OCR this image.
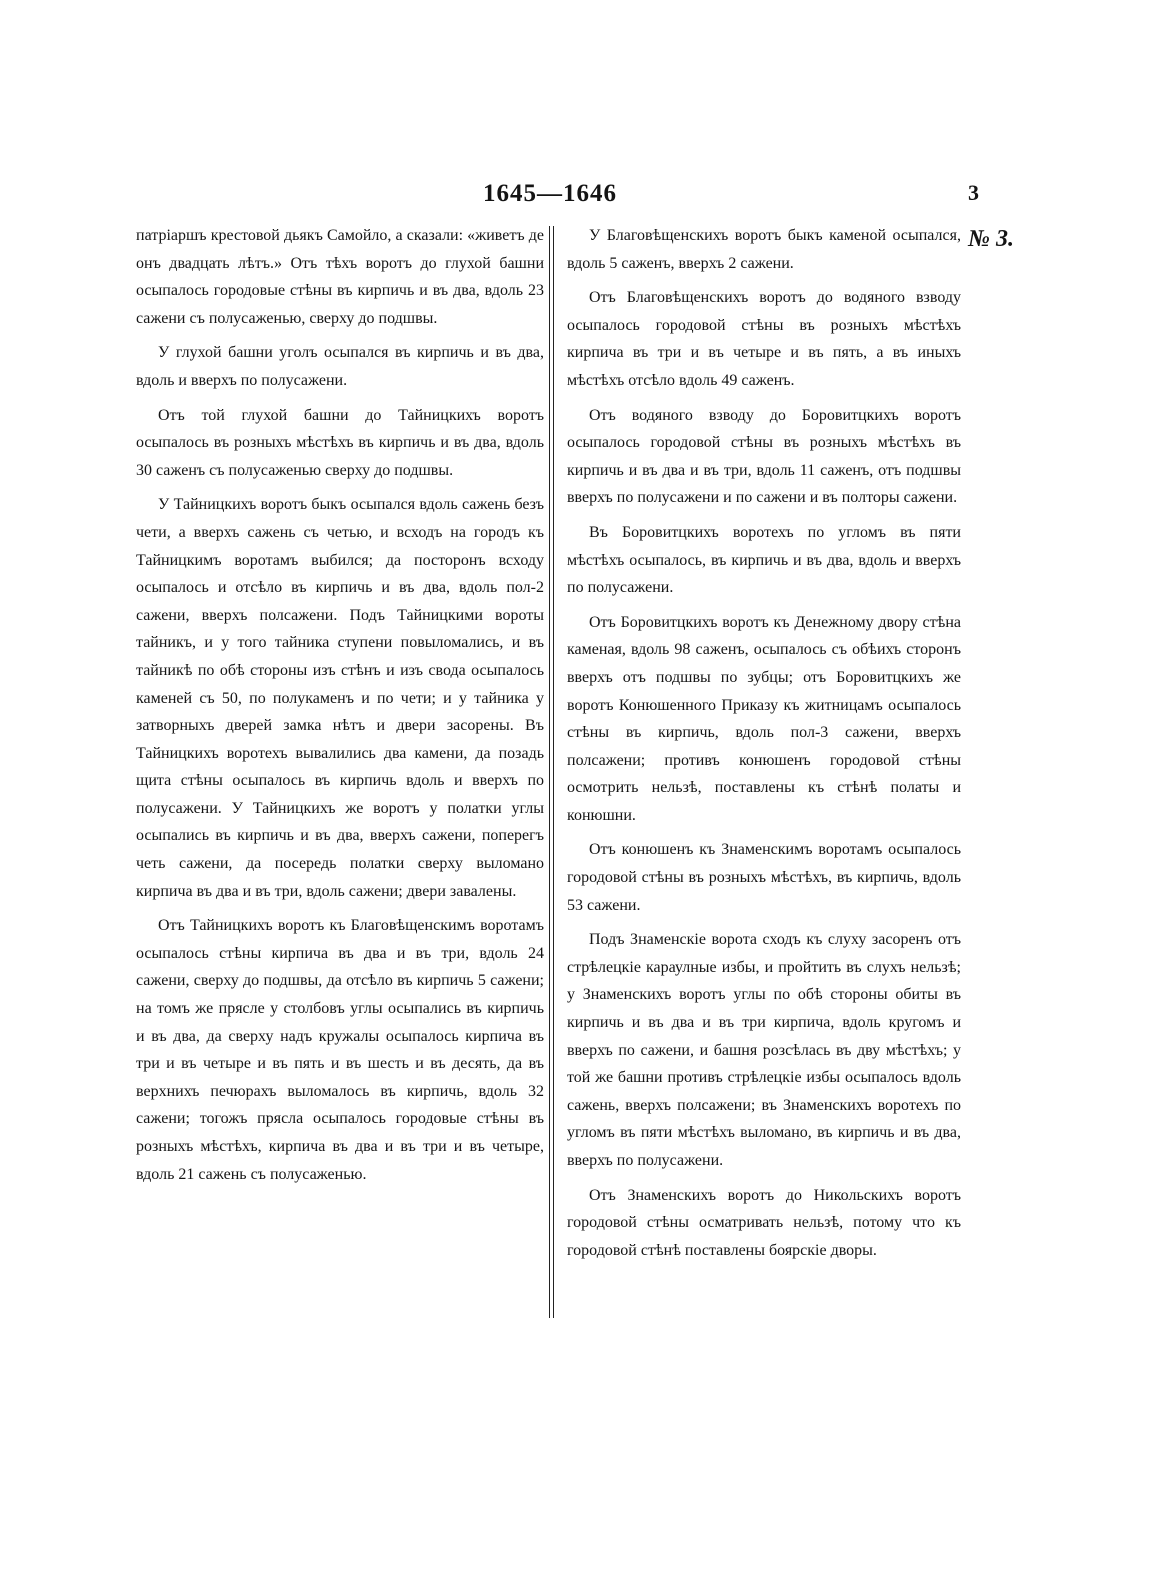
1645—1646	3
№ 3.

патріаршъ крестовой дьякъ Самойло, а сказали: «живетъ де онъ двадцать лѣтъ.» Отъ тѣхъ воротъ до глухой башни осыпалось городовые стѣны въ кирпичь и въ два, вдоль 23 сажени съ полусаженью, сверху до подшвы.

У глухой башни уголъ осыпался въ кирпичь и въ два, вдоль и вверхъ по полусажени.

Отъ той глухой башни до Тайницкихъ воротъ осыпалось въ розныхъ мѣстѣхъ въ кирпичь и въ два, вдоль 30 саженъ съ полусаженью сверху до подшвы.

У Тайницкихъ воротъ быкъ осыпался вдоль сажень безъ чети, а вверхъ сажень съ четью, и всходъ на городъ къ Тайницкимъ воротамъ выбился; да посторонъ всходу осыпалось и отсѣло въ кирпичь и въ два, вдоль пол-2 сажени, вверхъ полсажени. Подъ Тайницкими вороты тайникъ, и у того тайника ступени повыломались, и въ тайникѣ по обѣ стороны изъ стѣнъ и изъ свода осыпалось каменей съ 50, по полукаменъ и по чети; и у тайника у затворныхъ дверей замка нѣтъ и двери засорены. Въ Тайницкихъ воротехъ вывалились два камени, да позадь щита стѣны осыпалось въ кирпичь вдоль и вверхъ по полусажени. У Тайницкихъ же воротъ у полатки углы осыпались въ кирпичь и въ два, вверхъ сажени, поперегъ четь сажени, да посередь полатки сверху выломано кирпича въ два и въ три, вдоль сажени; двери завалены.

Отъ Тайницкихъ воротъ къ Благовѣщенскимъ воротамъ осыпалось стѣны кирпича въ два и въ три, вдоль 24 сажени, сверху до подшвы, да отсѣло въ кирпичь 5 сажени; на томъ же прясле у столбовъ углы осыпались въ кирпичь и въ два, да сверху надъ кружалы осыпалось кирпича въ три и въ четыре и въ пять и въ шесть и въ десять, да въ верхнихъ печюрахъ выломалось въ кирпичь, вдоль 32 сажени; тогожъ прясла осыпалось городовые стѣны въ розныхъ мѣстѣхъ, кирпича въ два и въ три и въ четыре, вдоль 21 сажень съ полусаженью.

У Благовѣщенскихъ воротъ быкъ каменой осыпался, вдоль 5 саженъ, вверхъ 2 сажени.

Отъ Благовѣщенскихъ воротъ до водяного взводу осыпалось городовой стѣны въ розныхъ мѣстѣхъ кирпича въ три и въ четыре и въ пять, а въ иныхъ мѣстѣхъ отсѣло вдоль 49 саженъ.

Отъ водяного взводу до Боровитцкихъ воротъ осыпалось городовой стѣны въ розныхъ мѣстѣхъ въ кирпичь и въ два и въ три, вдоль 11 саженъ, отъ подшвы вверхъ по полусажени и по сажени и въ полторы сажени.

Въ Боровитцкихъ воротехъ по угломъ въ пяти мѣстѣхъ осыпалось, въ кирпичь и въ два, вдоль и вверхъ по полусажени.

Отъ Боровитцкихъ воротъ къ Денежному двору стѣна каменая, вдоль 98 саженъ, осыпалось съ обѣихъ сторонъ вверхъ отъ подшвы по зубцы; отъ Боровитцкихъ же воротъ Конюшенного Приказу къ житницамъ осыпалось стѣны въ кирпичь, вдоль пол-3 сажени, вверхъ полсажени; противъ конюшенъ городовой стѣны осмотрить нельзѣ, поставлены къ стѣнѣ полаты и конюшни.

Отъ конюшенъ къ Знаменскимъ воротамъ осыпалось городовой стѣны въ розныхъ мѣстѣхъ, въ кирпичь, вдоль 53 сажени.

Подъ Знаменскіе ворота сходъ къ слуху засоренъ отъ стрѣлецкіе караулные избы, и пройтить въ слухъ нельзѣ; у Знаменскихъ воротъ углы по обѣ стороны обиты въ кирпичь и въ два и въ три кирпича, вдоль кругомъ и вверхъ по сажени, и башня розсѣлась въ дву мѣстѣхъ; у той же башни противъ стрѣлецкіе избы осыпалось вдоль сажень, вверхъ полсажени; въ Знаменскихъ воротехъ по угломъ въ пяти мѣстѣхъ выломано, въ кирпичь и въ два, вверхъ по полусажени.

Отъ Знаменскихъ воротъ до Никольскихъ воротъ городовой стѣны осматривать нельзѣ, потому что къ городовой стѣнѣ поставлены боярскіе дворы.
